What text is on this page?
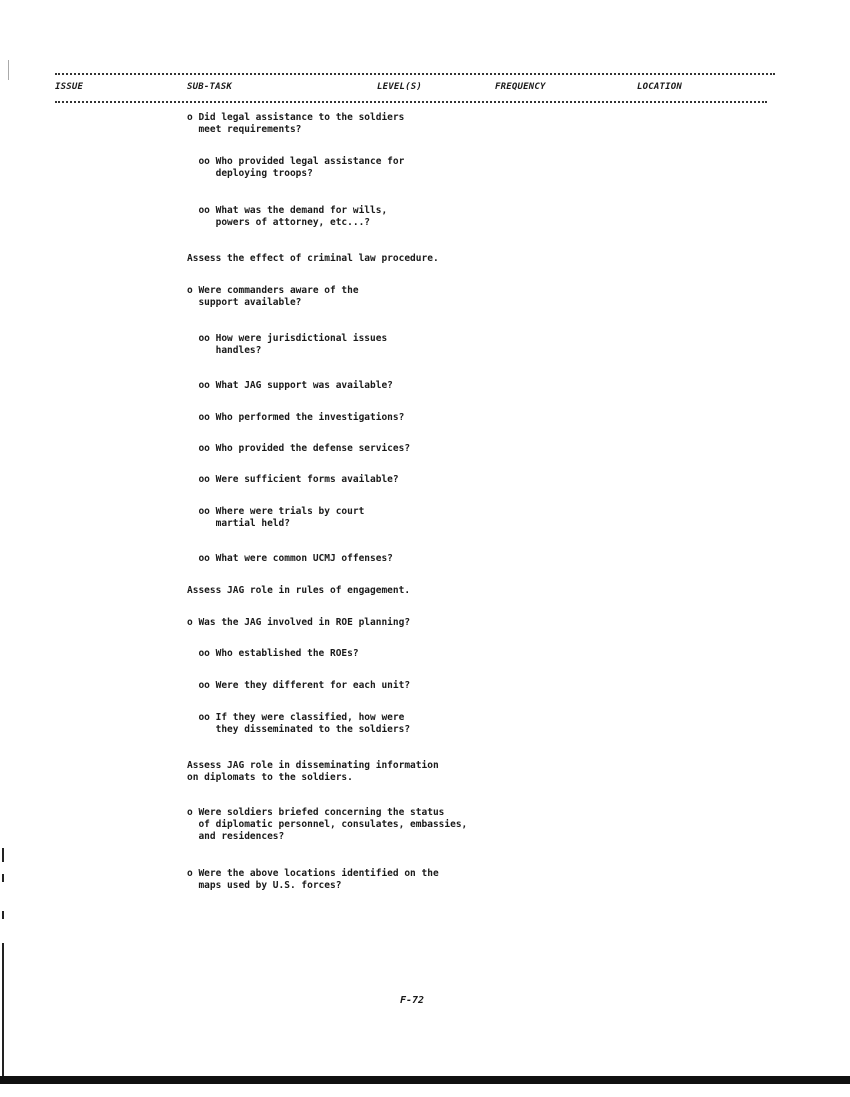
ISSUE	SUB-TASK	LEVEL(S)	FREQUENCY	LOCATION
o Did legal assistance to the soldiers
meet requirements?
oo Who provided legal assistance for
deploying troops?
oo What was the demand for wills,
powers of attorney, etc...?
Assess the effect of criminal law procedure.
o Were commanders aware of the
support available?
oo How were jurisdictional issues
handles?
oo What JAG support was available?
oo Who performed the investigations?
oo Who provided the defense services?
oo Were sufficient forms available?
oo Where were trials by court
martial held?
oo What were common UCMJ offenses?
Assess JAG role in rules of engagement.
o Was the JAG involved in ROE planning?
oo Who established the ROEs?
oo Were they different for each unit?
oo If they were classified, how were
they disseminated to the soldiers?
Assess JAG role in disseminating information
on diplomats to the soldiers.
o Were soldiers briefed concerning the status
of diplomatic personnel, consulates, embassies,
and residences?
o Were the above locations identified on the
maps used by U.S. forces?
F-72
